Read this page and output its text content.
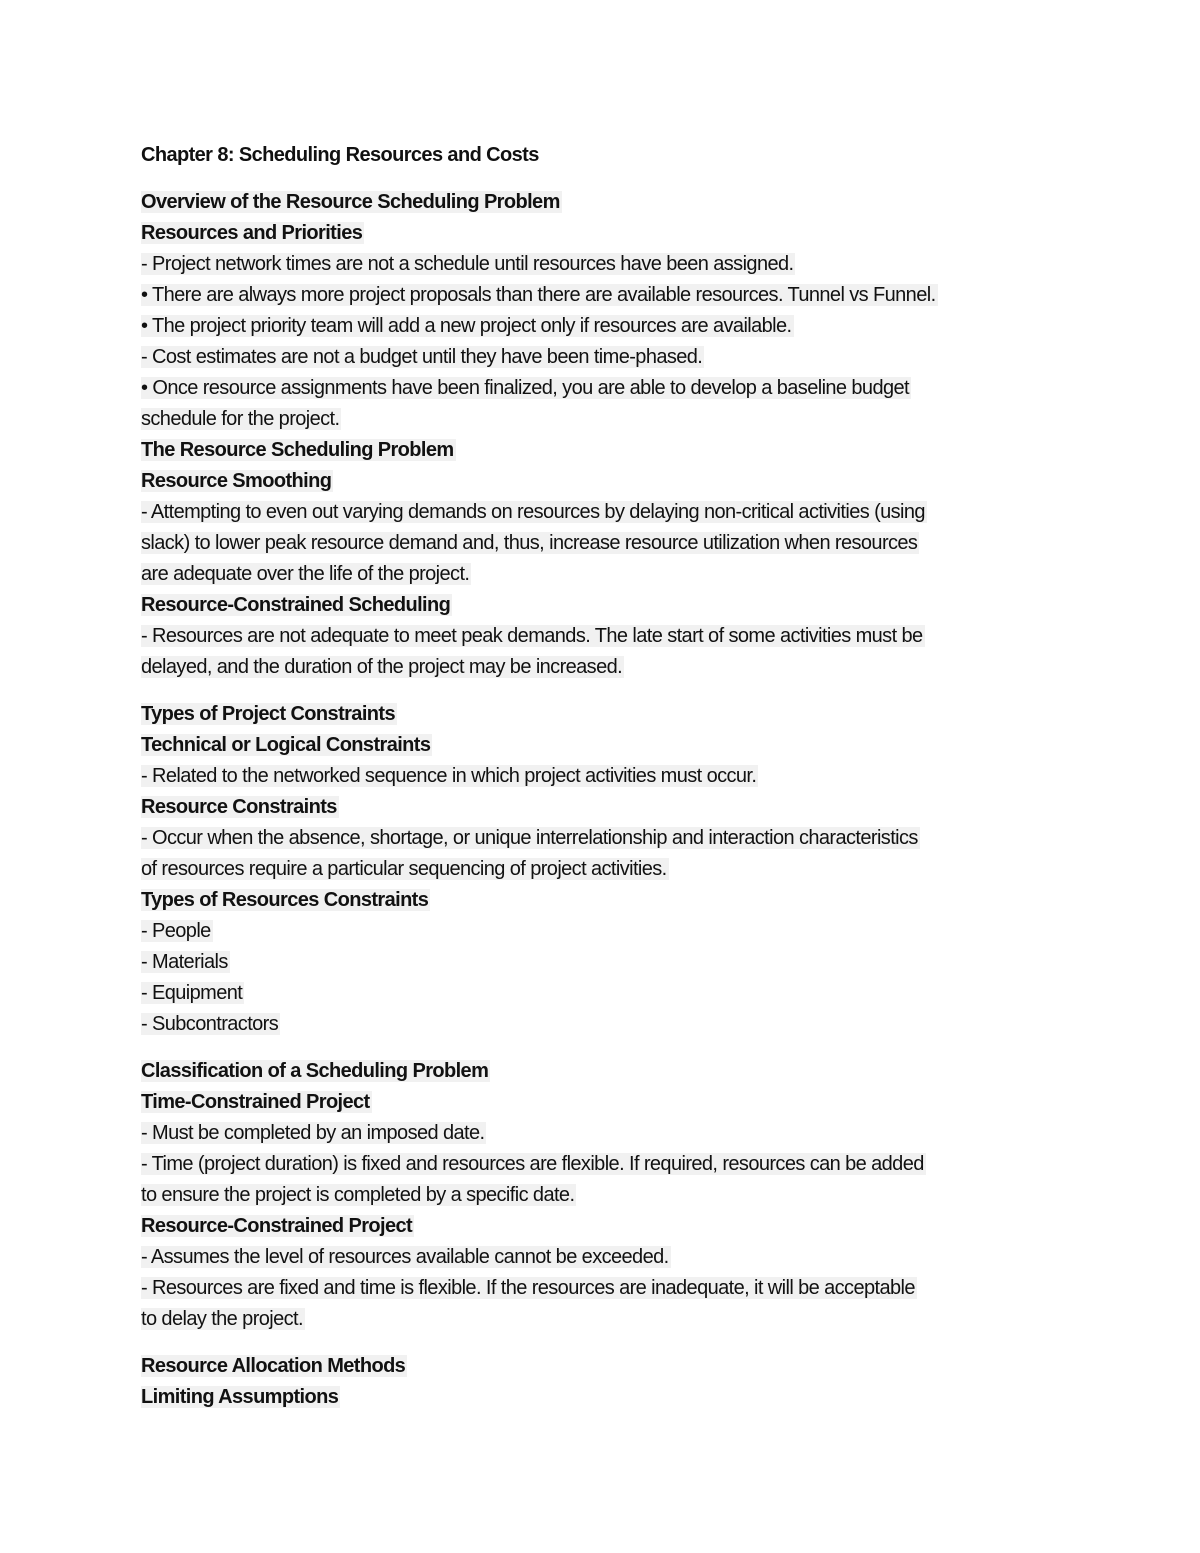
Chapter 8: Scheduling Resources and Costs
Overview of the Resource Scheduling Problem
Resources and Priorities
- Project network times are not a schedule until resources have been assigned.
• There are always more project proposals than there are available resources. Tunnel vs Funnel.
• The project priority team will add a new project only if resources are available.
- Cost estimates are not a budget until they have been time-phased.
• Once resource assignments have been finalized, you are able to develop a baseline budget
schedule for the project.
The Resource Scheduling Problem
Resource Smoothing
- Attempting to even out varying demands on resources by delaying non-critical activities (using
slack) to lower peak resource demand and, thus, increase resource utilization when resources
are adequate over the life of the project.
Resource-Constrained Scheduling
- Resources are not adequate to meet peak demands. The late start of some activities must be
delayed, and the duration of the project may be increased.
Types of Project Constraints
Technical or Logical Constraints
- Related to the networked sequence in which project activities must occur.
Resource Constraints
- Occur when the absence, shortage, or unique interrelationship and interaction characteristics
of resources require a particular sequencing of project activities.
Types of Resources Constraints
- People
- Materials
- Equipment
- Subcontractors
Classification of a Scheduling Problem
Time-Constrained Project
- Must be completed by an imposed date.
- Time (project duration) is fixed and resources are flexible. If required, resources can be added
to ensure the project is completed by a specific date.
Resource-Constrained Project
- Assumes the level of resources available cannot be exceeded.
- Resources are fixed and time is flexible. If the resources are inadequate, it will be acceptable
to delay the project.
Resource Allocation Methods
Limiting Assumptions
